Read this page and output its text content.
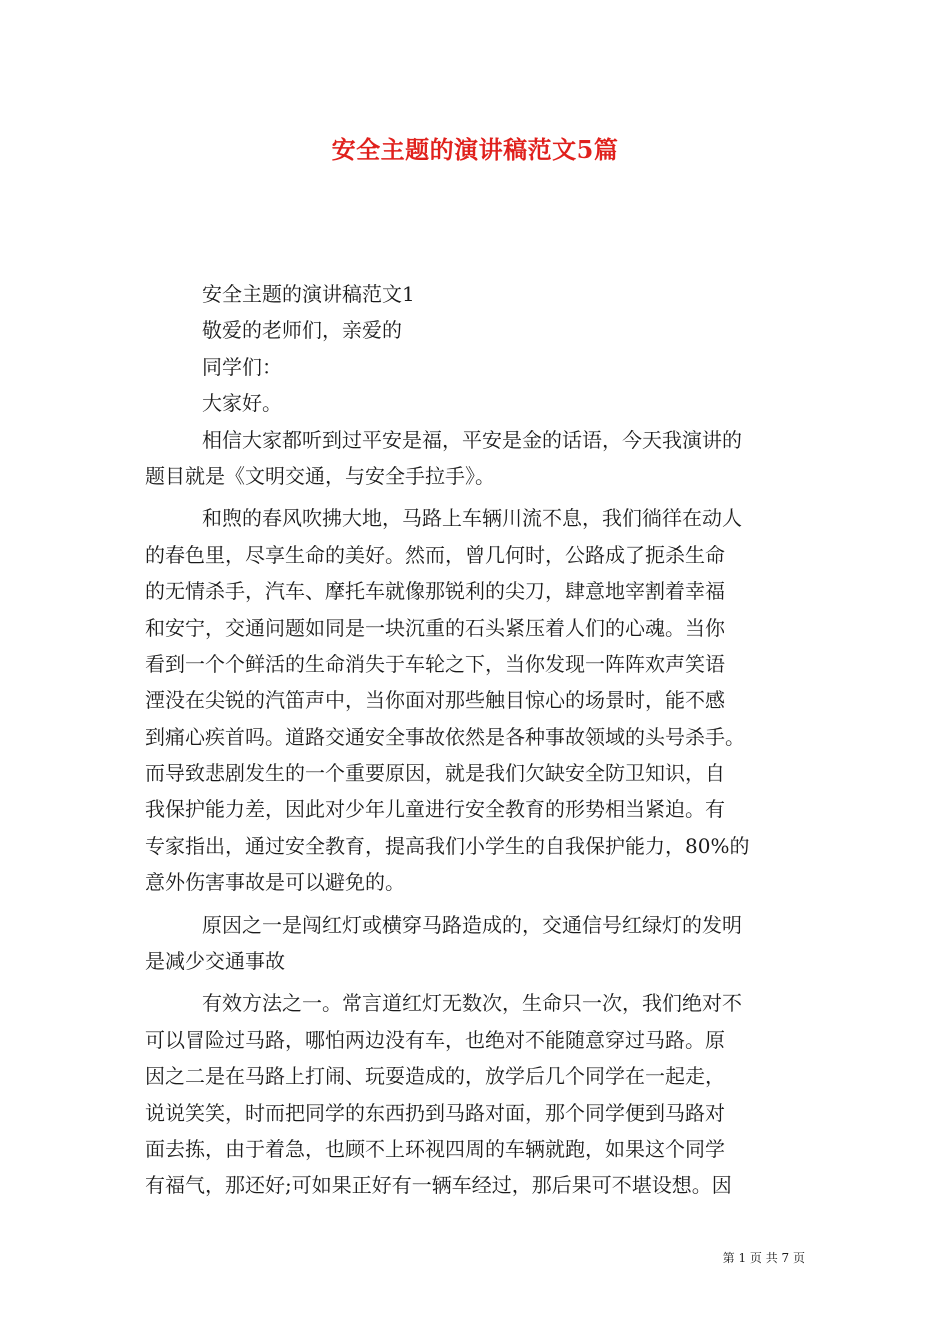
安全主题的演讲稿范文5篇
安全主题的演讲稿范文1
敬爱的老师们，亲爱的
同学们：
大家好。
相信大家都听到过平安是福，平安是金的话语，今天我演讲的
题目就是《文明交通，与安全手拉手》。
和煦的春风吹拂大地，马路上车辆川流不息，我们徜徉在动人
的春色里，尽享生命的美好。然而，曾几何时，公路成了扼杀生命
的无情杀手，汽车、摩托车就像那锐利的尖刀，肆意地宰割着幸福
和安宁，交通问题如同是一块沉重的石头紧压着人们的心魂。当你
看到一个个鲜活的生命消失于车轮之下，当你发现一阵阵欢声笑语
湮没在尖锐的汽笛声中，当你面对那些触目惊心的场景时，能不感
到痛心疾首吗。道路交通安全事故依然是各种事故领域的头号杀手。
而导致悲剧发生的一个重要原因，就是我们欠缺安全防卫知识，自
我保护能力差，因此对少年儿童进行安全教育的形势相当紧迫。有
专家指出，通过安全教育，提高我们小学生的自我保护能力，80%的
意外伤害事故是可以避免的。
原因之一是闯红灯或横穿马路造成的，交通信号红绿灯的发明
是减少交通事故
有效方法之一。常言道红灯无数次，生命只一次，我们绝对不
可以冒险过马路，哪怕两边没有车，也绝对不能随意穿过马路。原
因之二是在马路上打闹、玩耍造成的，放学后几个同学在一起走，
说说笑笑，时而把同学的东西扔到马路对面，那个同学便到马路对
面去拣，由于着急，也顾不上环视四周的车辆就跑，如果这个同学
有福气，那还好;可如果正好有一辆车经过，那后果可不堪设想。因
第 1 页 共 7 页
